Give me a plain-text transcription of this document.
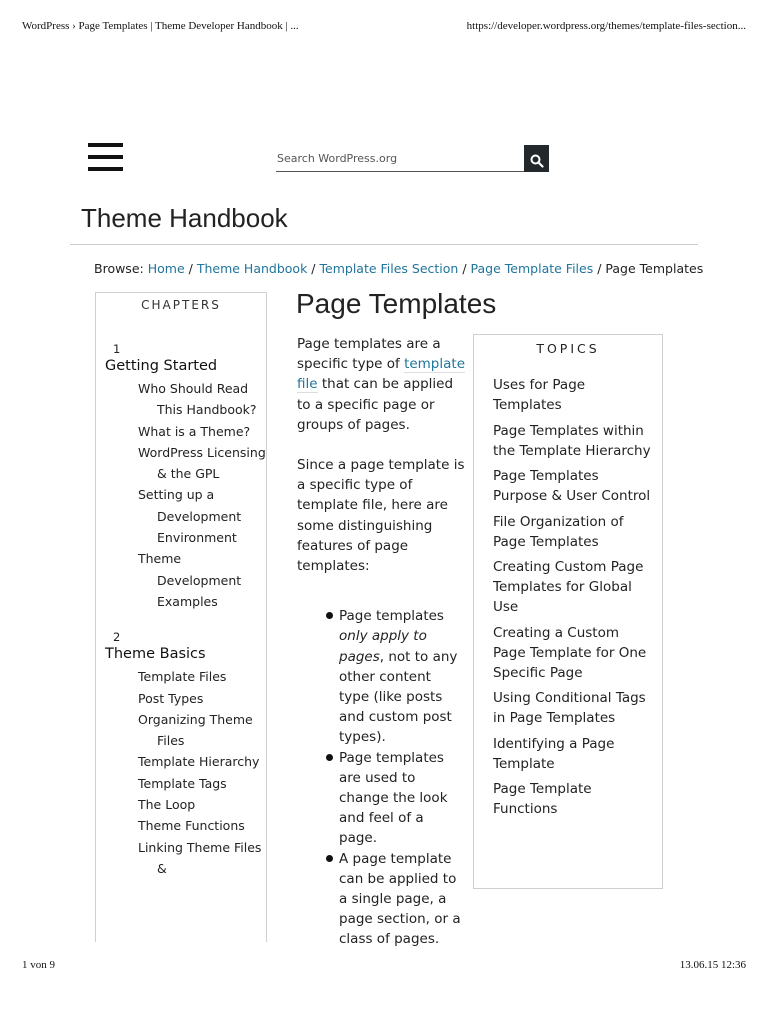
WordPress › Page Templates | Theme Developer Handbook | ...	https://developer.wordpress.org/themes/template-files-section...
Search WordPress.org
Theme Handbook
Browse: Home / Theme Handbook / Template Files Section / Page Template Files / Page Templates
CHAPTERS
1
Getting Started
Who Should Read This Handbook?
What is a Theme?
WordPress Licensing & the GPL
Setting up a Development Environment
Theme Development Examples
2
Theme Basics
Template Files
Post Types
Organizing Theme Files
Template Hierarchy
Template Tags
The Loop
Theme Functions
Linking Theme Files &
Page Templates

Page templates are a specific type of template file that can be applied to a specific page or groups of pages.

Since a page template is a specific type of template file, here are some distinguishing features of page templates:

Page templates only apply to pages, not to any other content type (like posts and custom post types).
Page templates are used to change the look and feel of a page.
A page template can be applied to a single page, a page section, or a class of pages.
TOPICS
Uses for Page Templates
Page Templates within the Template Hierarchy
Page Templates Purpose & User Control
File Organization of Page Templates
Creating Custom Page Templates for Global Use
Creating a Custom Page Template for One Specific Page
Using Conditional Tags in Page Templates
Identifying a Page Template
Page Template Functions
1 von 9	13.06.15 12:36
